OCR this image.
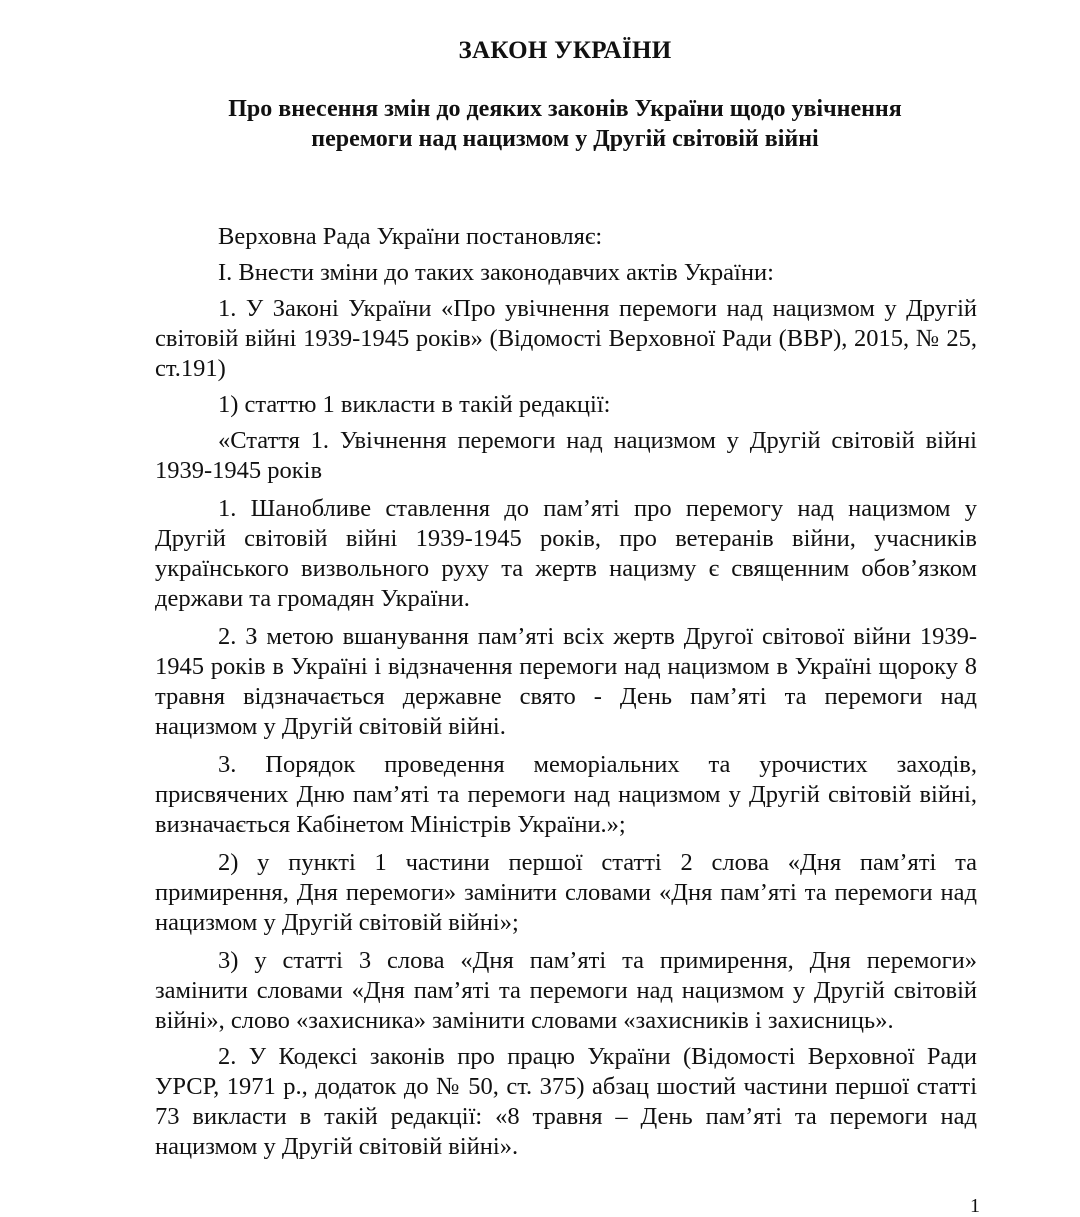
ЗАКОН УКРАЇНИ
Про внесення змін до деяких законів України щодо увічнення
перемоги над нацизмом у Другій світовій війні

Верховна Рада України постановляє:

І. Внести зміни до таких законодавчих актів України:

1. У Законі України «Про увічнення перемоги над нацизмом у Другій світовій війні 1939-1945 років» (Відомості Верховної Ради (ВВР), 2015, № 25, ст.191)

1) статтю 1 викласти в такій редакції:

«Стаття 1. Увічнення перемоги над нацизмом у Другій світовій війні 1939-1945 років

1. Шанобливе ставлення до пам’яті про перемогу над нацизмом у Другій світовій війні 1939-1945 років, про ветеранів війни, учасників українського визвольного руху та жертв нацизму є священним обов’язком держави та громадян України.

2. З метою вшанування пам’яті всіх жертв Другої світової війни 1939-1945 років в Україні і відзначення перемоги над нацизмом в Україні щороку 8 травня відзначається державне свято - День пам’яті та перемоги над нацизмом у Другій світовій війні.

3. Порядок проведення меморіальних та урочистих заходів, присвячених Дню пам’яті та перемоги над нацизмом у Другій світовій війні, визначається Кабінетом Міністрів України.»;

2) у пункті 1 частини першої статті 2 слова «Дня пам’яті та примирення, Дня перемоги» замінити словами «Дня пам’яті та перемоги над нацизмом у Другій світовій війні»;

3) у статті 3 слова «Дня пам’яті та примирення, Дня перемоги» замінити словами «Дня пам’яті та перемоги над нацизмом у Другій світовій війні», слово «захисника» замінити словами «захисників і захисниць».

2. У Кодексі законів про працю України (Відомості Верховної Ради УРСР, 1971 р., додаток до № 50, ст. 375) абзац шостий частини першої статті 73 викласти в такій редакції: «8 травня – День пам’яті та перемоги над нацизмом у Другій світовій війні».

1
